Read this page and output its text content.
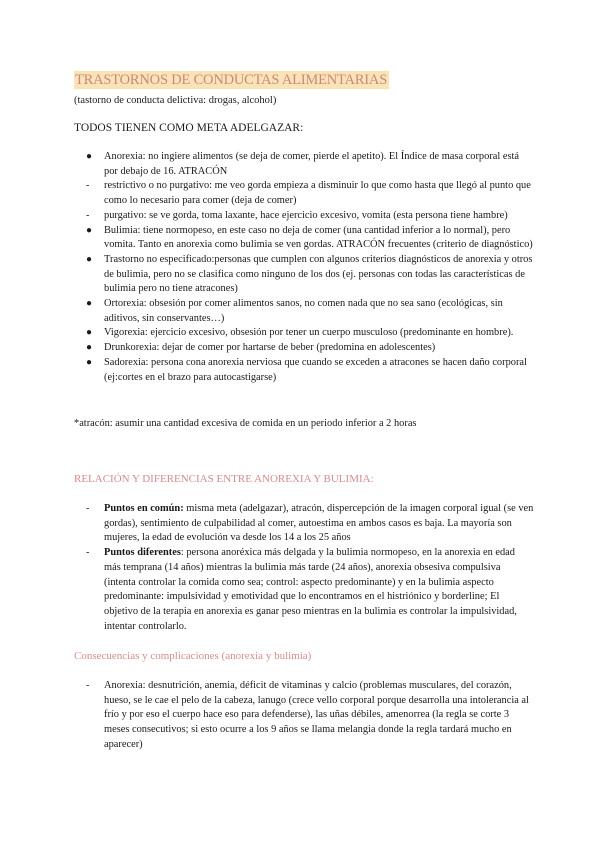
TRASTORNOS DE CONDUCTAS ALIMENTARIAS
(tastorno de conducta delictiva: drogas, alcohol)
TODOS TIENEN COMO META ADELGAZAR:
● Anorexia: no ingiere alimentos (se deja de comer, pierde el apetito). El Índice de masa corporal está por debajo de 16. ATRACÓN
- restrictivo o no purgativo: me veo gorda empieza a disminuir lo que como hasta que llegó al punto que como lo necesario para comer (deja de comer)
- purgativo: se ve gorda, toma laxante, hace ejercicio excesivo, vomita (esta persona tiene hambre)
● Bulimia: tiene normopeso, en este caso no deja de comer (una cantidad inferior a lo normal), pero vomita. Tanto en anorexia como bulimia se ven gordas. ATRACÓN frecuentes (criterio de diagnóstico)
● Trastorno no especificado:personas que cumplen con algunos criterios diagnósticos de anorexia y otros de bulimia, pero no se clasifica como ninguno de los dos (ej. personas con todas las características de bulimia pero no tiene atracones)
● Ortorexia: obsesión por comer alimentos sanos, no comen nada que no sea sano (ecológicas, sin aditivos, sin conservantes…)
● Vigorexia: ejercicio excesivo, obsesión por tener un cuerpo musculoso (predominante en hombre).
● Drunkorexia: dejar de comer por hartarse de beber (predomina en adolescentes)
● Sadorexia: persona cona anorexia nerviosa que cuando se exceden a atracones se hacen daño corporal (ej:cortes en el brazo para autocastigarse)
*atracón: asumir una cantidad excesiva de comida en un periodo inferior a 2 horas
RELACIÓN Y DIFERENCIAS ENTRE ANOREXIA Y BULIMIA:
- Puntos en común: misma meta (adelgazar), atracón, dispercepción de la imagen corporal igual (se ven gordas), sentimiento de culpabilidad al comer, autoestima en ambos casos es baja. La mayoría son mujeres, la edad de evolución va desde los 14 a los 25 años
- Puntos diferentes: persona anoréxica más delgada y la bulimia normopeso, en la anorexia en edad más temprana (14 años) mientras la bulimia más tarde (24 años), anorexia obsesiva compulsiva (intenta controlar la comida como sea; control: aspecto predominante) y en la bulimia aspecto predominante: impulsividad y emotividad que lo encontramos en el histriónico y borderline; El objetivo de la terapia en anorexia es ganar peso mientras en la bulimia es controlar la impulsividad, intentar controlarlo.
Consecuencias y complicaciones (anorexia y bulimia)
- Anorexia: desnutrición, anemia, déficit de vitaminas y calcio (problemas musculares, del corazón, hueso, se le cae el pelo de la cabeza, lanugo (crece vello corporal porque desarrolla una intolerancia al frío y por eso el cuerpo hace eso para defenderse), las uñas débiles, amenorrea (la regla se corte 3 meses consecutivos; si esto ocurre a los 9 años se llama melangia donde la regla tardará mucho en aparecer)
